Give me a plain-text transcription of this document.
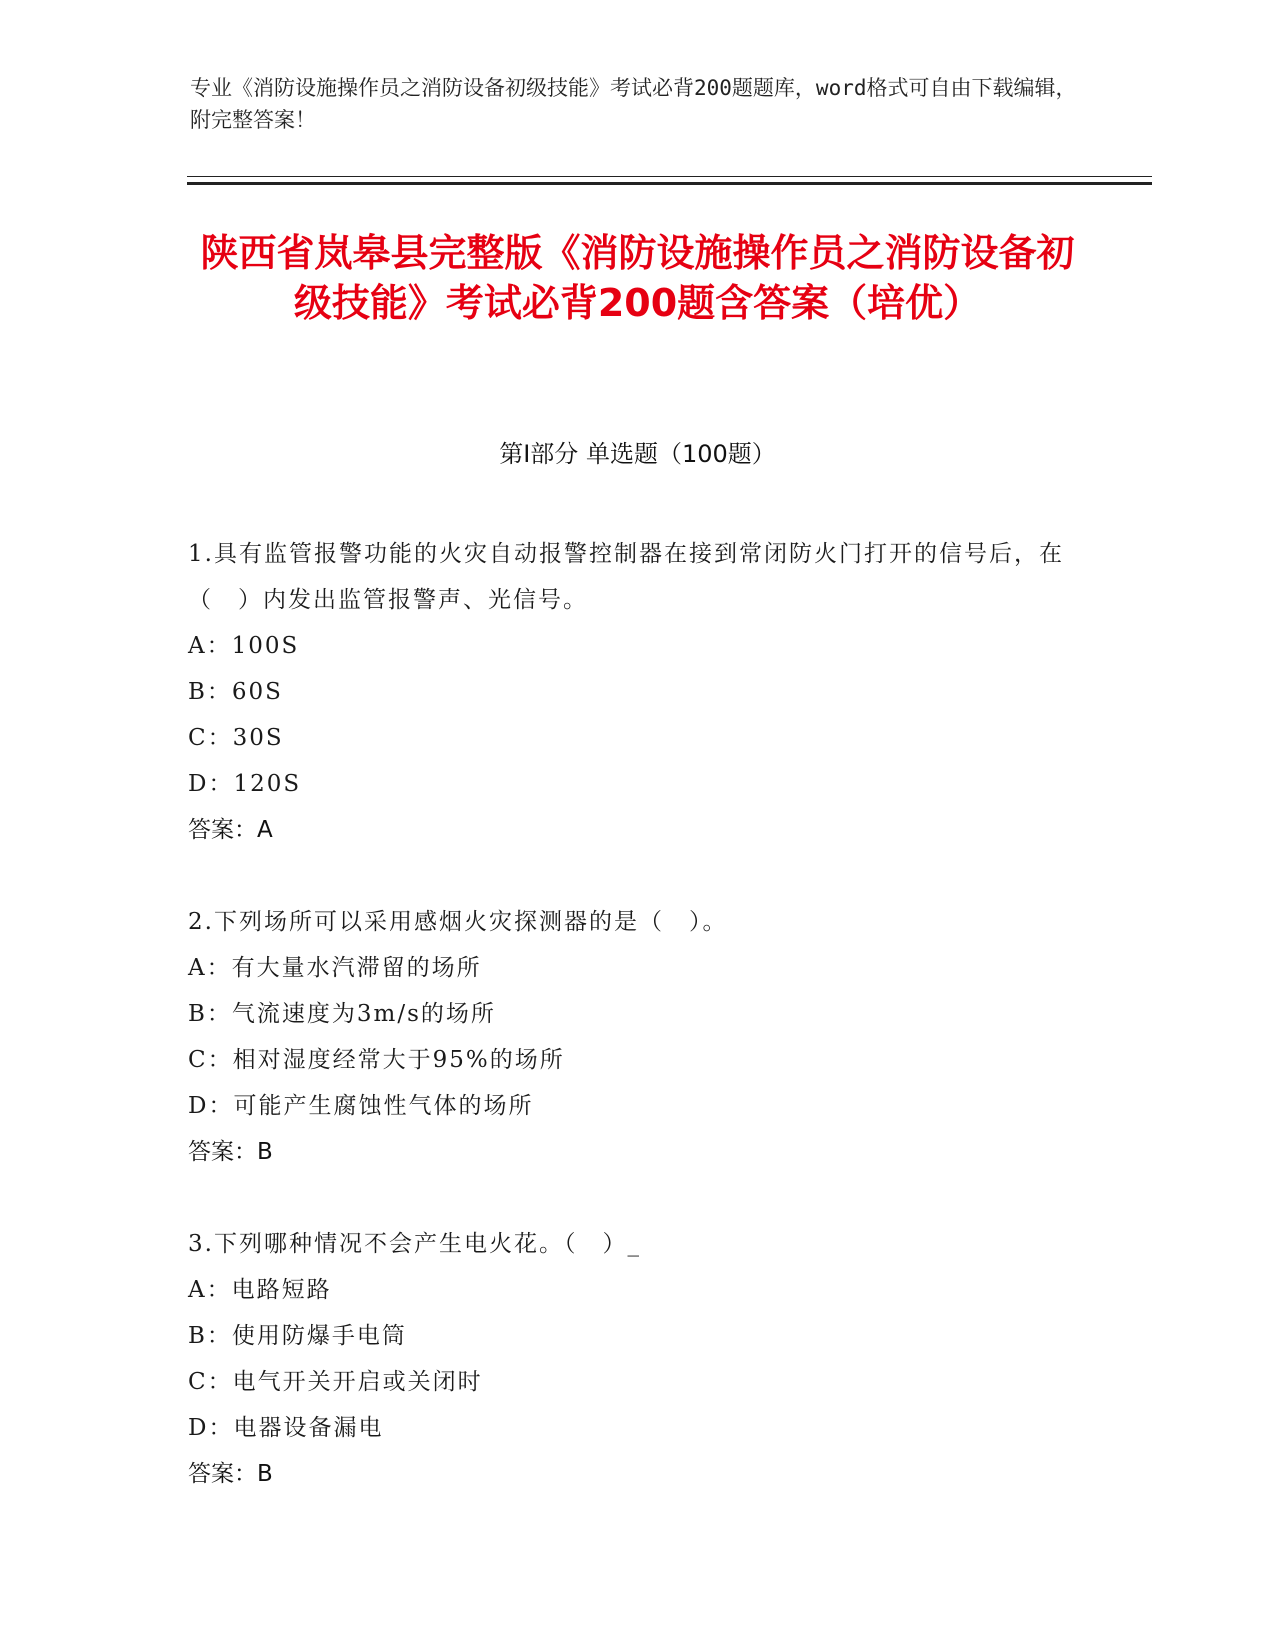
专业《消防设施操作员之消防设备初级技能》考试必背200题题库，word格式可自由下载编辑，附完整答案！
陕西省岚皋县完整版《消防设施操作员之消防设备初级技能》考试必背200题含答案（培优）
第Ⅰ部分 单选题（100题）
1.具有监管报警功能的火灾自动报警控制器在接到常闭防火门打开的信号后，在（　）内发出监管报警声、光信号。
A：100S
B：60S
C：30S
D：120S
答案：A
2.下列场所可以采用感烟火灾探测器的是（　）。
A：有大量水汽滞留的场所
B：气流速度为3m/s的场所
C：相对湿度经常大于95%的场所
D：可能产生腐蚀性气体的场所
答案：B
3.下列哪种情况不会产生电火花。（　）_
A：电路短路
B：使用防爆手电筒
C：电气开关开启或关闭时
D：电器设备漏电
答案：B
